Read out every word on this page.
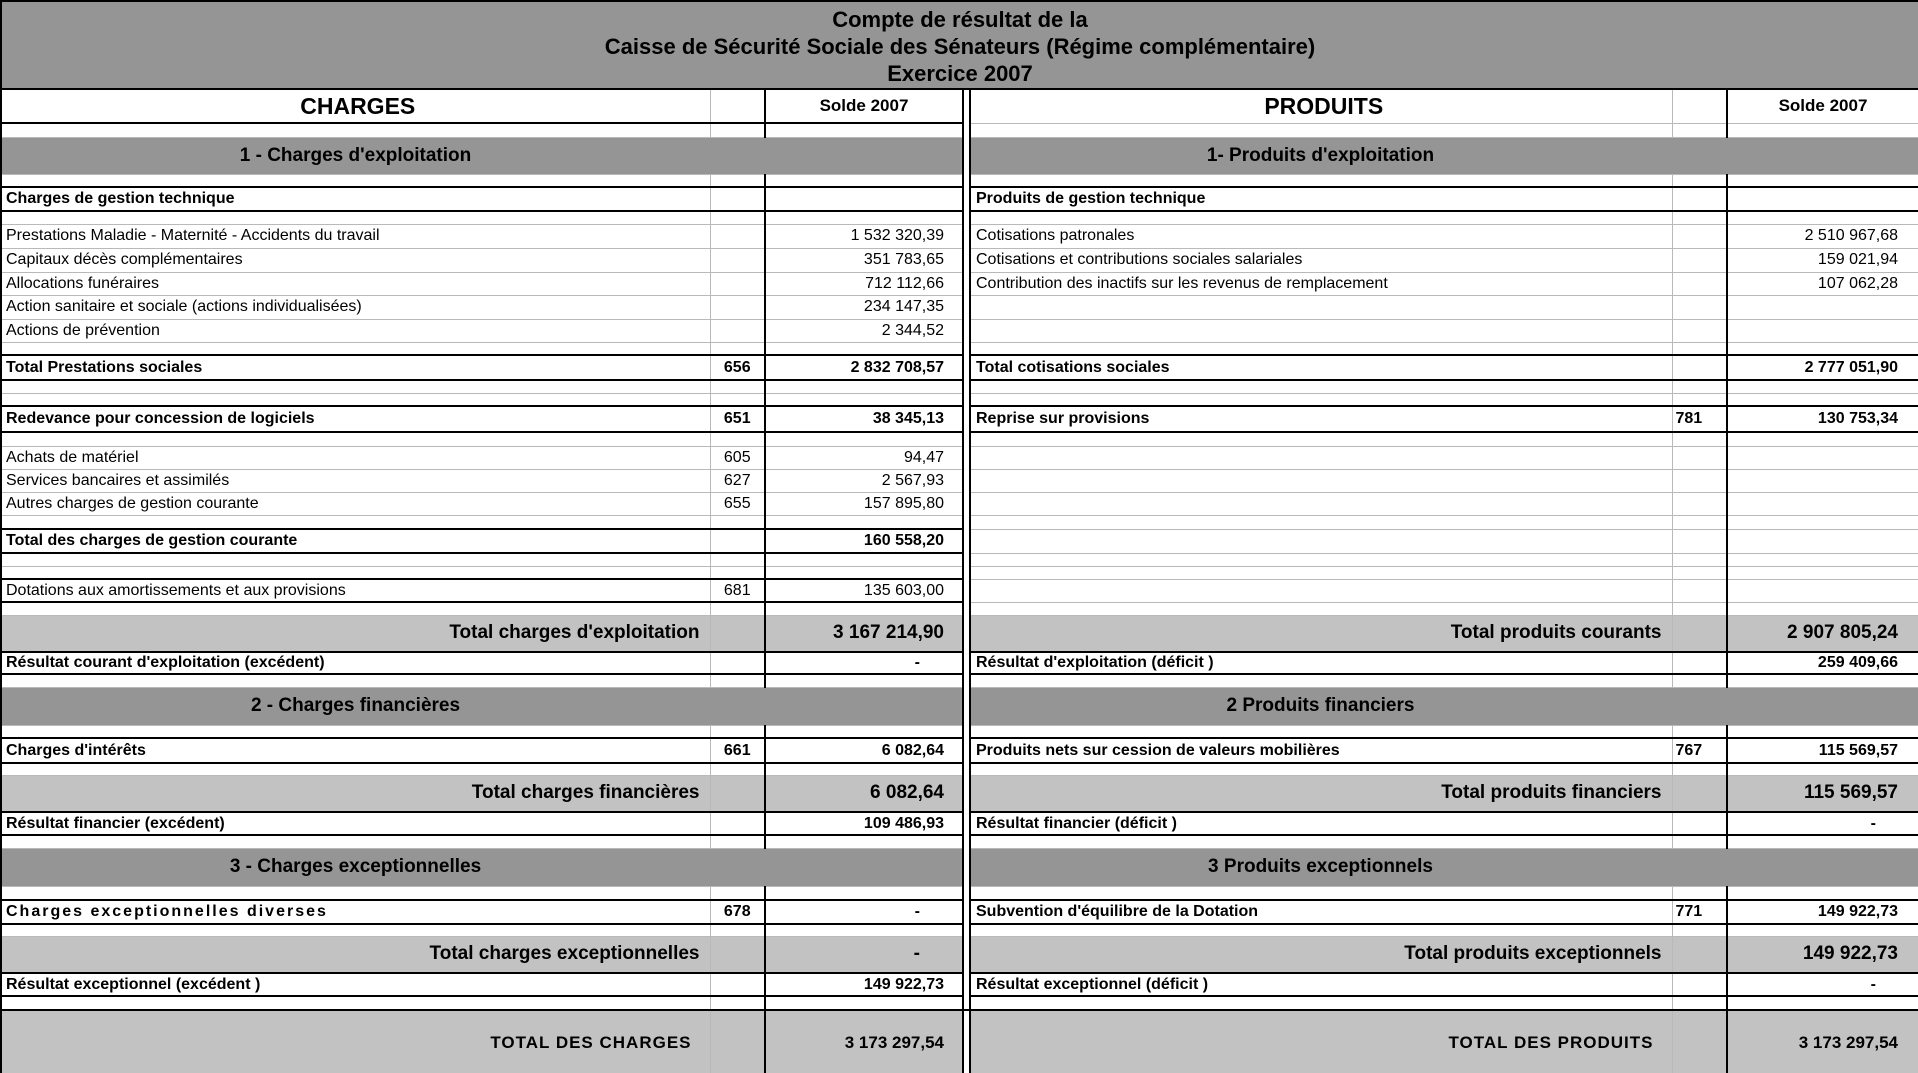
Compte de résultat de la
Caisse de Sécurité Sociale des Sénateurs (Régime complémentaire)
Exercice 2007
CHARGES		Solde 2007		PRODUITS		Solde 2007

1 - Charges d'exploitation				1- Produits d'exploitation		

Charges de gestion technique				Produits de gestion technique		

Prestations Maladie - Maternité - Accidents du travail		1 532 320,39		Cotisations patronales		2 510 967,68
Capitaux décès complémentaires		351 783,65		Cotisations et contributions sociales salariales		159 021,94
Allocations funéraires		712 112,66		Contribution des inactifs sur les revenus de remplacement		107 062,28
Action sanitaire et sociale (actions individualisées)		234 147,35				
Actions de prévention		2 344,52				

Total Prestations sociales	656	2 832 708,57		Total cotisations sociales		2 777 051,90

Redevance pour concession de logiciels	651	38 345,13		Reprise sur provisions	781	130 753,34

Achats de matériel	605	94,47				
Services bancaires et assimilés	627	2 567,93				
Autres charges de gestion courante	655	157 895,80				

Total des charges de gestion courante		160 558,20				

Dotations aux amortissements et aux provisions	681	135 603,00				

Total charges d'exploitation		3 167 214,90		Total produits courants		2 907 805,24
Résultat courant d'exploitation (excédent)		-		Résultat d'exploitation (déficit )		259 409,66

2 - Charges financières				2 Produits financiers		

Charges d'intérêts	661	6 082,64		Produits nets sur cession de valeurs mobilières	767	115 569,57

Total charges financières		6 082,64		Total produits financiers		115 569,57
Résultat financier (excédent)		109 486,93		Résultat financier (déficit )		-

3 - Charges exceptionnelles				3 Produits exceptionnels		

Charges exceptionnelles diverses	678	-		Subvention d'équilibre de la Dotation	771	149 922,73

Total charges exceptionnelles		-		Total produits exceptionnels		149 922,73
Résultat exceptionnel (excédent )		149 922,73		Résultat exceptionnel (déficit )		-

TOTAL DES CHARGES		3 173 297,54		TOTAL DES PRODUITS		3 173 297,54
